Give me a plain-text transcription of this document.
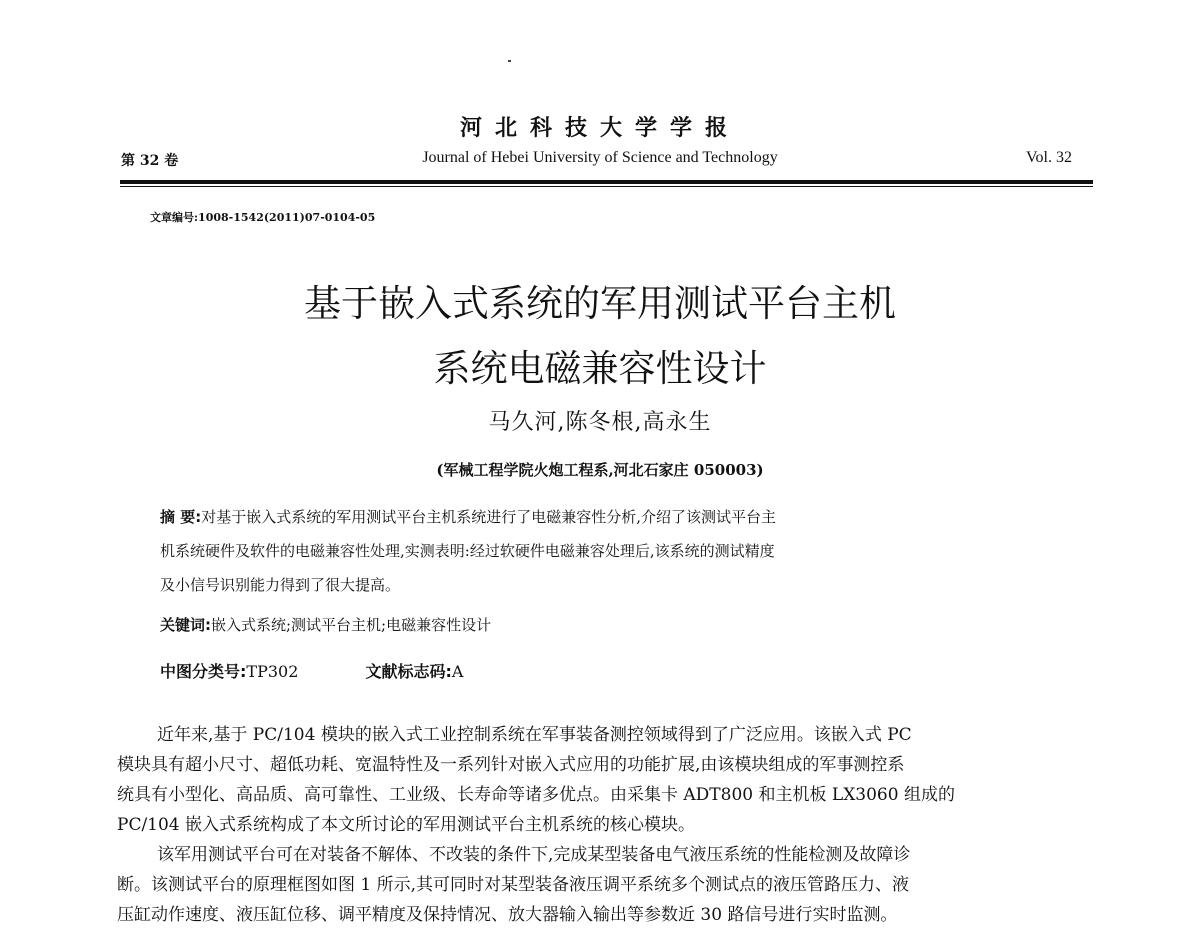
河北科技大学学报
第 32 卷	Journal of Hebei University of Science and Technology	Vol. 32
文章编号:1008-1542(2011)07-0104-05
基于嵌入式系统的军用测试平台主机
系统电磁兼容性设计
马久河,陈冬根,高永生
(军械工程学院火炮工程系,河北石家庄 050003)
摘 要:对基于嵌入式系统的军用测试平台主机系统进行了电磁兼容性分析,介绍了该测试平台主
机系统硬件及软件的电磁兼容性处理,实测表明:经过软硬件电磁兼容处理后,该系统的测试精度
及小信号识别能力得到了很大提高。
关键词:嵌入式系统;测试平台主机;电磁兼容性设计
中图分类号:TP302	文献标志码:A
近年来,基于 PC/104 模块的嵌入式工业控制系统在军事装备测控领域得到了广泛应用。该嵌入式 PC
模块具有超小尺寸、超低功耗、宽温特性及一系列针对嵌入式应用的功能扩展,由该模块组成的军事测控系
统具有小型化、高品质、高可靠性、工业级、长寿命等诸多优点。由采集卡 ADT800 和主机板 LX3060 组成的
PC/104 嵌入式系统构成了本文所讨论的军用测试平台主机系统的核心模块。
该军用测试平台可在对装备不解体、不改装的条件下,完成某型装备电气液压系统的性能检测及故障诊
断。该测试平台的原理框图如图 1 所示,其可同时对某型装备液压调平系统多个测试点的液压管路压力、液
压缸动作速度、液压缸位移、调平精度及保持情况、放大器输入输出等参数近 30 路信号进行实时监测。
